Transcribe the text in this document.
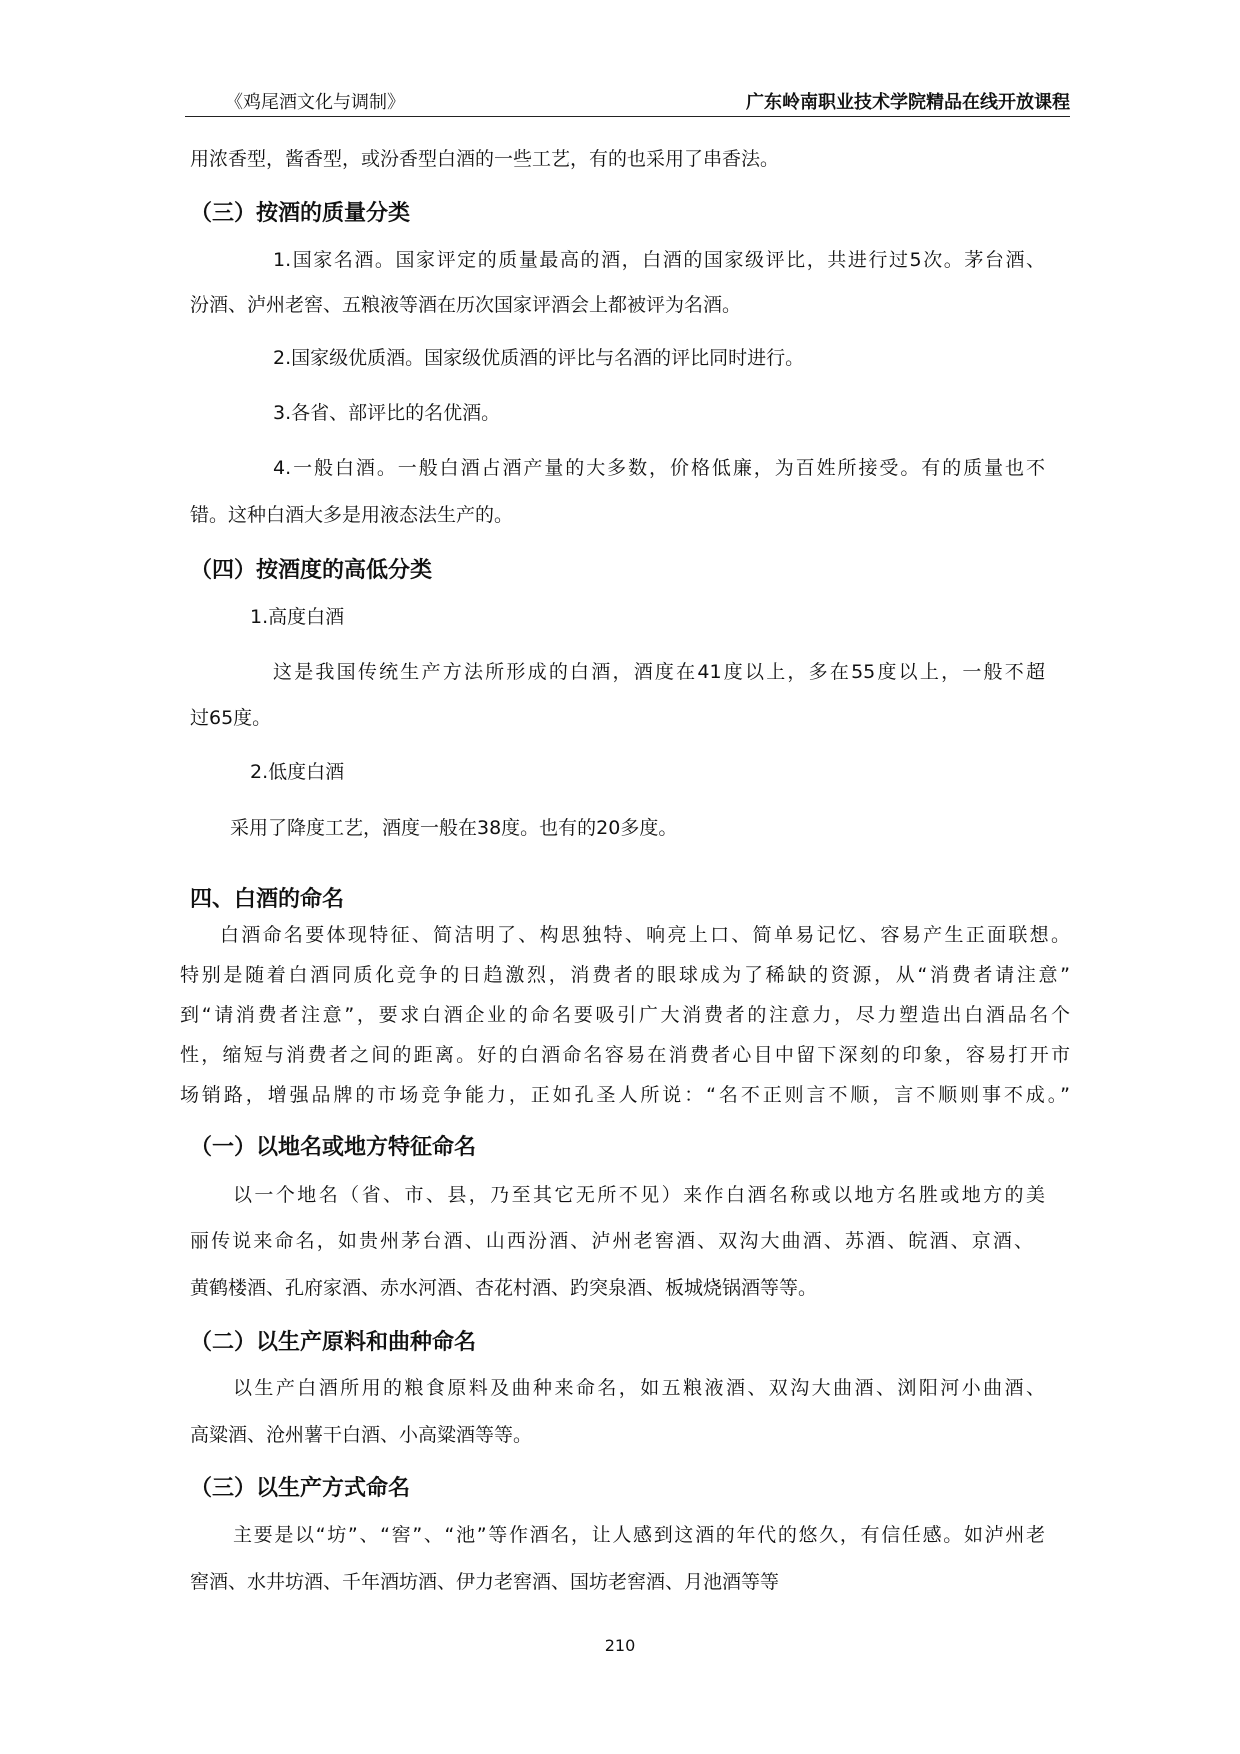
《鸡尾酒文化与调制》	广东岭南职业技术学院精品在线开放课程
用浓香型，酱香型，或汾香型白酒的一些工艺，有的也采用了串香法。
（三）按酒的质量分类
1.国家名酒。国家评定的质量最高的酒，白酒的国家级评比，共进行过5次。茅台酒、
汾酒、泸州老窖、五粮液等酒在历次国家评酒会上都被评为名酒。
2.国家级优质酒。国家级优质酒的评比与名酒的评比同时进行。
3.各省、部评比的名优酒。
4.一般白酒。一般白酒占酒产量的大多数，价格低廉，为百姓所接受。有的质量也不
错。这种白酒大多是用液态法生产的。
（四）按酒度的高低分类
1.高度白酒
这是我国传统生产方法所形成的白酒，酒度在41度以上，多在55度以上，一般不超
过65度。
2.低度白酒
采用了降度工艺，酒度一般在38度。也有的20多度。
四、白酒的命名
白酒命名要体现特征、简洁明了、构思独特、响亮上口、简单易记忆、容易产生正面联想。
特别是随着白酒同质化竞争的日趋激烈，消费者的眼球成为了稀缺的资源，从“消费者请注意”
到“请消费者注意”，要求白酒企业的命名要吸引广大消费者的注意力，尽力塑造出白酒品名个
性，缩短与消费者之间的距离。好的白酒命名容易在消费者心目中留下深刻的印象，容易打开市
场销路，增强品牌的市场竞争能力，正如孔圣人所说：“名不正则言不顺，言不顺则事不成。”
（一）以地名或地方特征命名
以一个地名（省、市、县，乃至其它无所不见）来作白酒名称或以地方名胜或地方的美
丽传说来命名，如贵州茅台酒、山西汾酒、泸州老窖酒、双沟大曲酒、苏酒、皖酒、京酒、
黄鹤楼酒、孔府家酒、赤水河酒、杏花村酒、趵突泉酒、板城烧锅酒等等。
（二）以生产原料和曲种命名
以生产白酒所用的粮食原料及曲种来命名，如五粮液酒、双沟大曲酒、浏阳河小曲酒、
高粱酒、沧州薯干白酒、小高粱酒等等。
（三）以生产方式命名
主要是以“坊”、“窖”、“池”等作酒名，让人感到这酒的年代的悠久，有信任感。如泸州老
窖酒、水井坊酒、千年酒坊酒、伊力老窖酒、国坊老窖酒、月池酒等等
210
